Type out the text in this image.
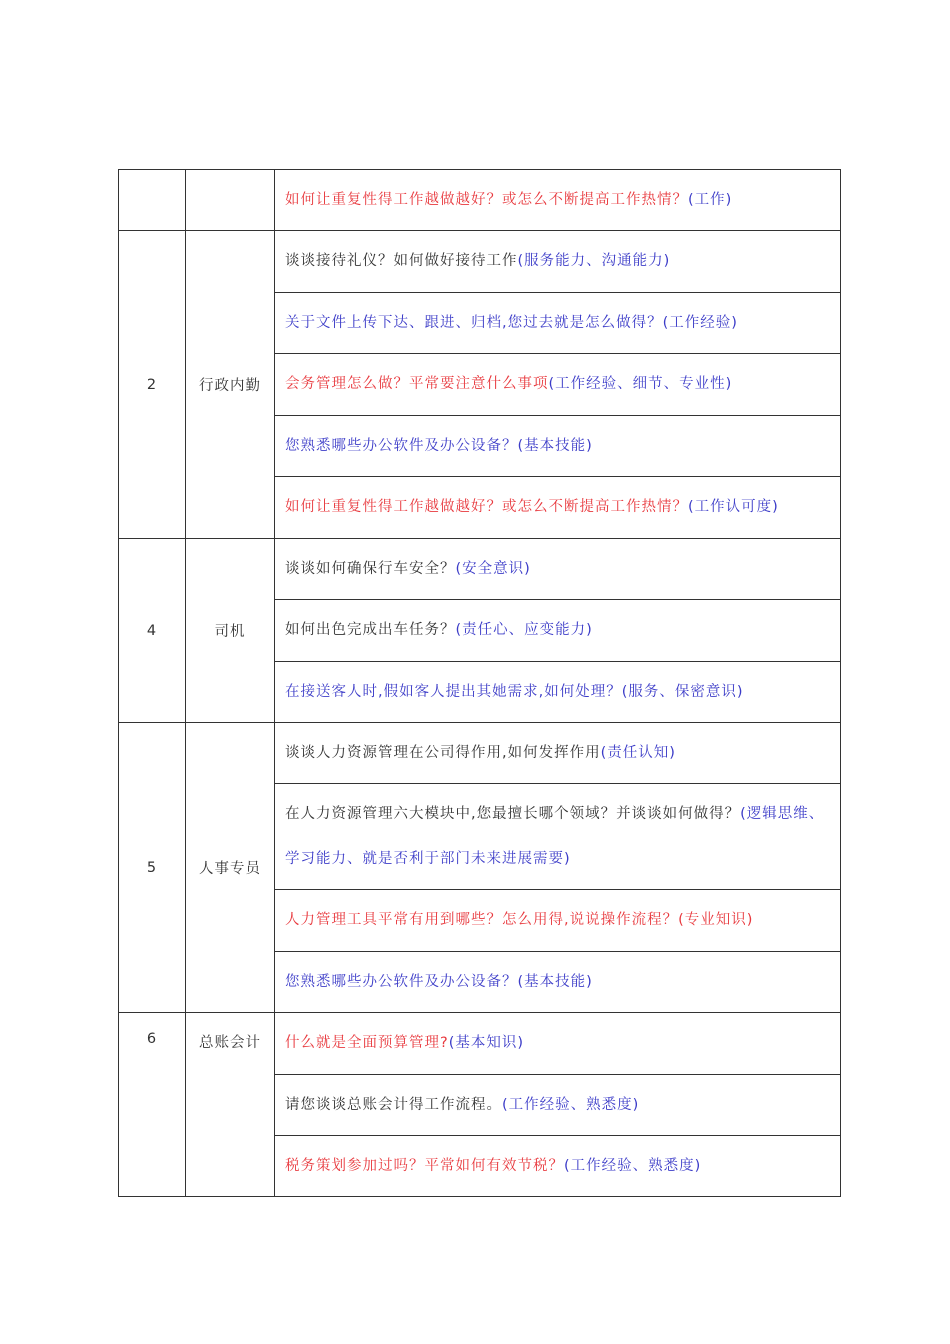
		如何让重复性得工作越做越好？或怎么不断提高工作热情？(工作)
2	行政内勤	谈谈接待礼仪？如何做好接待工作(服务能力、沟通能力)
		关于文件上传下达、跟进、归档,您过去就是怎么做得？(工作经验)
		会务管理怎么做？平常要注意什么事项(工作经验、细节、专业性)
		您熟悉哪些办公软件及办公设备？(基本技能)
		如何让重复性得工作越做越好？或怎么不断提高工作热情？(工作认可度)
4	司机	谈谈如何确保行车安全？(安全意识)
		如何出色完成出车任务？(责任心、应变能力)
		在接送客人时,假如客人提出其她需求,如何处理？(服务、保密意识)
5	人事专员	谈谈人力资源管理在公司得作用,如何发挥作用(责任认知)
		在人力资源管理六大模块中,您最擅长哪个领域？并谈谈如何做得？(逻辑思维、学习能力、就是否利于部门未来进展需要)
		人力管理工具平常有用到哪些？怎么用得,说说操作流程？(专业知识)
		您熟悉哪些办公软件及办公设备？(基本技能)
6	总账会计	什么就是全面预算管理?(基本知识)
		请您谈谈总账会计得工作流程。(工作经验、熟悉度)
		税务策划参加过吗？平常如何有效节税？(工作经验、熟悉度)
